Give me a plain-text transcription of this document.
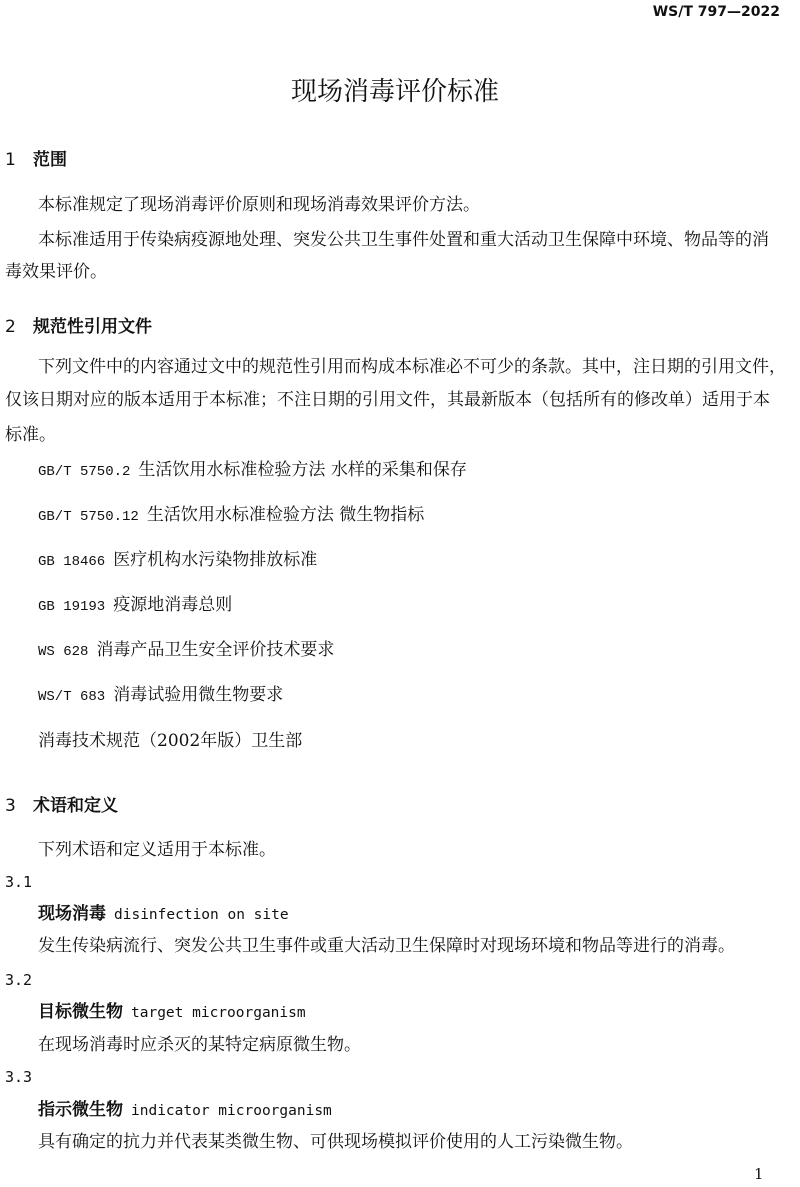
WS/T 797—2022
现场消毒评价标准
1 范围
本标准规定了现场消毒评价原则和现场消毒效果评价方法。
本标准适用于传染病疫源地处理、突发公共卫生事件处置和重大活动卫生保障中环境、物品等的消
毒效果评价。
2 规范性引用文件
下列文件中的内容通过文中的规范性引用而构成本标准必不可少的条款。其中，注日期的引用文件，
仅该日期对应的版本适用于本标准；不注日期的引用文件，其最新版本（包括所有的修改单）适用于本
标准。
GB/T 5750.2 生活饮用水标准检验方法 水样的采集和保存
GB/T 5750.12 生活饮用水标准检验方法 微生物指标
GB 18466 医疗机构水污染物排放标准
GB 19193 疫源地消毒总则
WS 628 消毒产品卫生安全评价技术要求
WS/T 683 消毒试验用微生物要求
消毒技术规范（2002年版）卫生部
3 术语和定义
下列术语和定义适用于本标准。
3.1
现场消毒 disinfection on site
发生传染病流行、突发公共卫生事件或重大活动卫生保障时对现场环境和物品等进行的消毒。
3.2
目标微生物 target microorganism
在现场消毒时应杀灭的某特定病原微生物。
3.3
指示微生物 indicator microorganism
具有确定的抗力并代表某类微生物、可供现场模拟评价使用的人工污染微生物。
1
